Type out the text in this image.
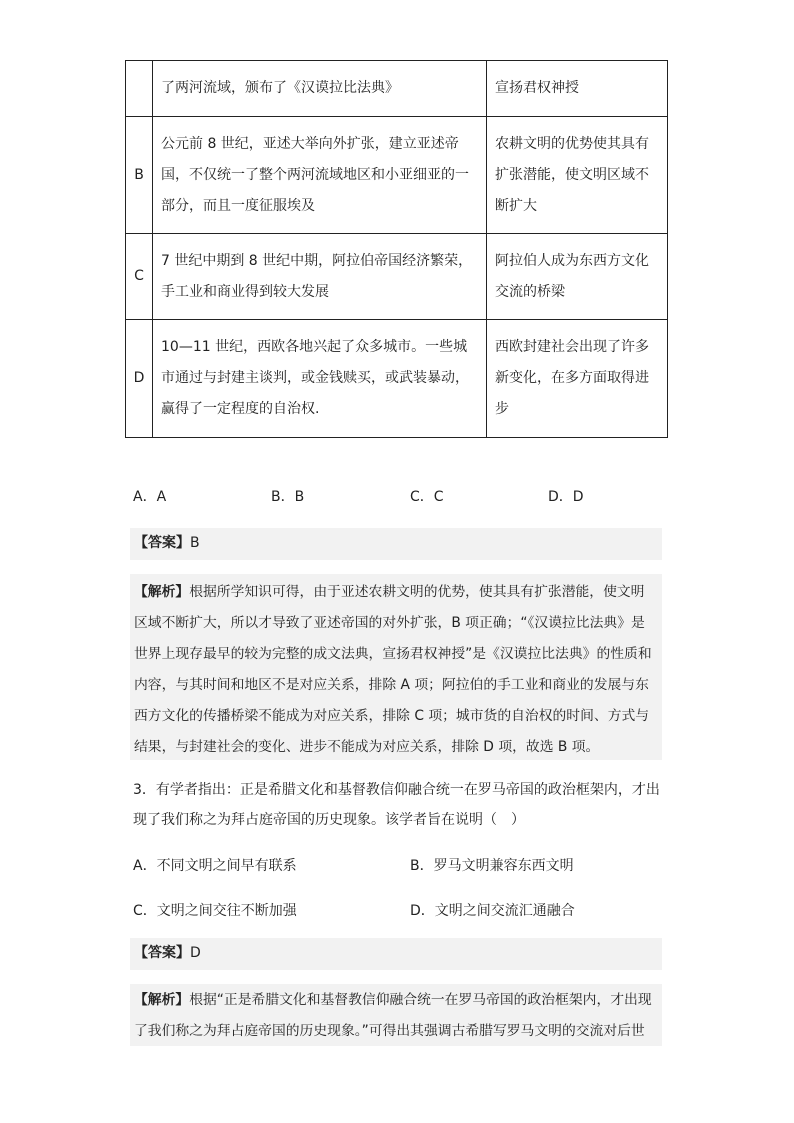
	了两河流域，颁布了《汉谟拉比法典》	宣扬君权神授
B	公元前 8 世纪，亚述大举向外扩张，建立亚述帝国，不仅统一了整个两河流域地区和小亚细亚的一部分，而且一度征服埃及	农耕文明的优势使其具有扩张潜能，使文明区域不断扩大
C	7 世纪中期到 8 世纪中期，阿拉伯帝国经济繁荣，手工业和商业得到较大发展	阿拉伯人成为东西方文化交流的桥梁
D	10—11 世纪，西欧各地兴起了众多城市。一些城市通过与封建主谈判，或金钱赎买，或武装暴动，赢得了一定程度的自治权.	西欧封建社会出现了许多新变化，在多方面取得进步
A．A	B．B	C．C	D．D
【答案】B
【解析】根据所学知识可得，由于亚述农耕文明的优势，使其具有扩张潜能，使文明区域不断扩大，所以才导致了亚述帝国的对外扩张，B 项正确；“《汉谟拉比法典》是世界上现存最早的较为完整的成文法典，宣扬君权神授”是《汉谟拉比法典》的性质和内容，与其时间和地区不是对应关系，排除 A 项；阿拉伯的手工业和商业的发展与东西方文化的传播桥梁不能成为对应关系，排除 C 项；城市货的自治权的时间、方式与结果，与封建社会的变化、进步不能成为对应关系，排除 D 项，故选 B 项。
3．有学者指出：正是希腊文化和基督教信仰融合统一在罗马帝国的政治框架内，才出现了我们称之为拜占庭帝国的历史现象。该学者旨在说明（　）
A．不同文明之间早有联系	B．罗马文明兼容东西文明
C．文明之间交往不断加强	D．文明之间交流汇通融合
【答案】D
【解析】根据“正是希腊文化和基督教信仰融合统一在罗马帝国的政治框架内，才出现了我们称之为拜占庭帝国的历史现象。”可得出其强调古希腊写罗马文明的交流对后世
